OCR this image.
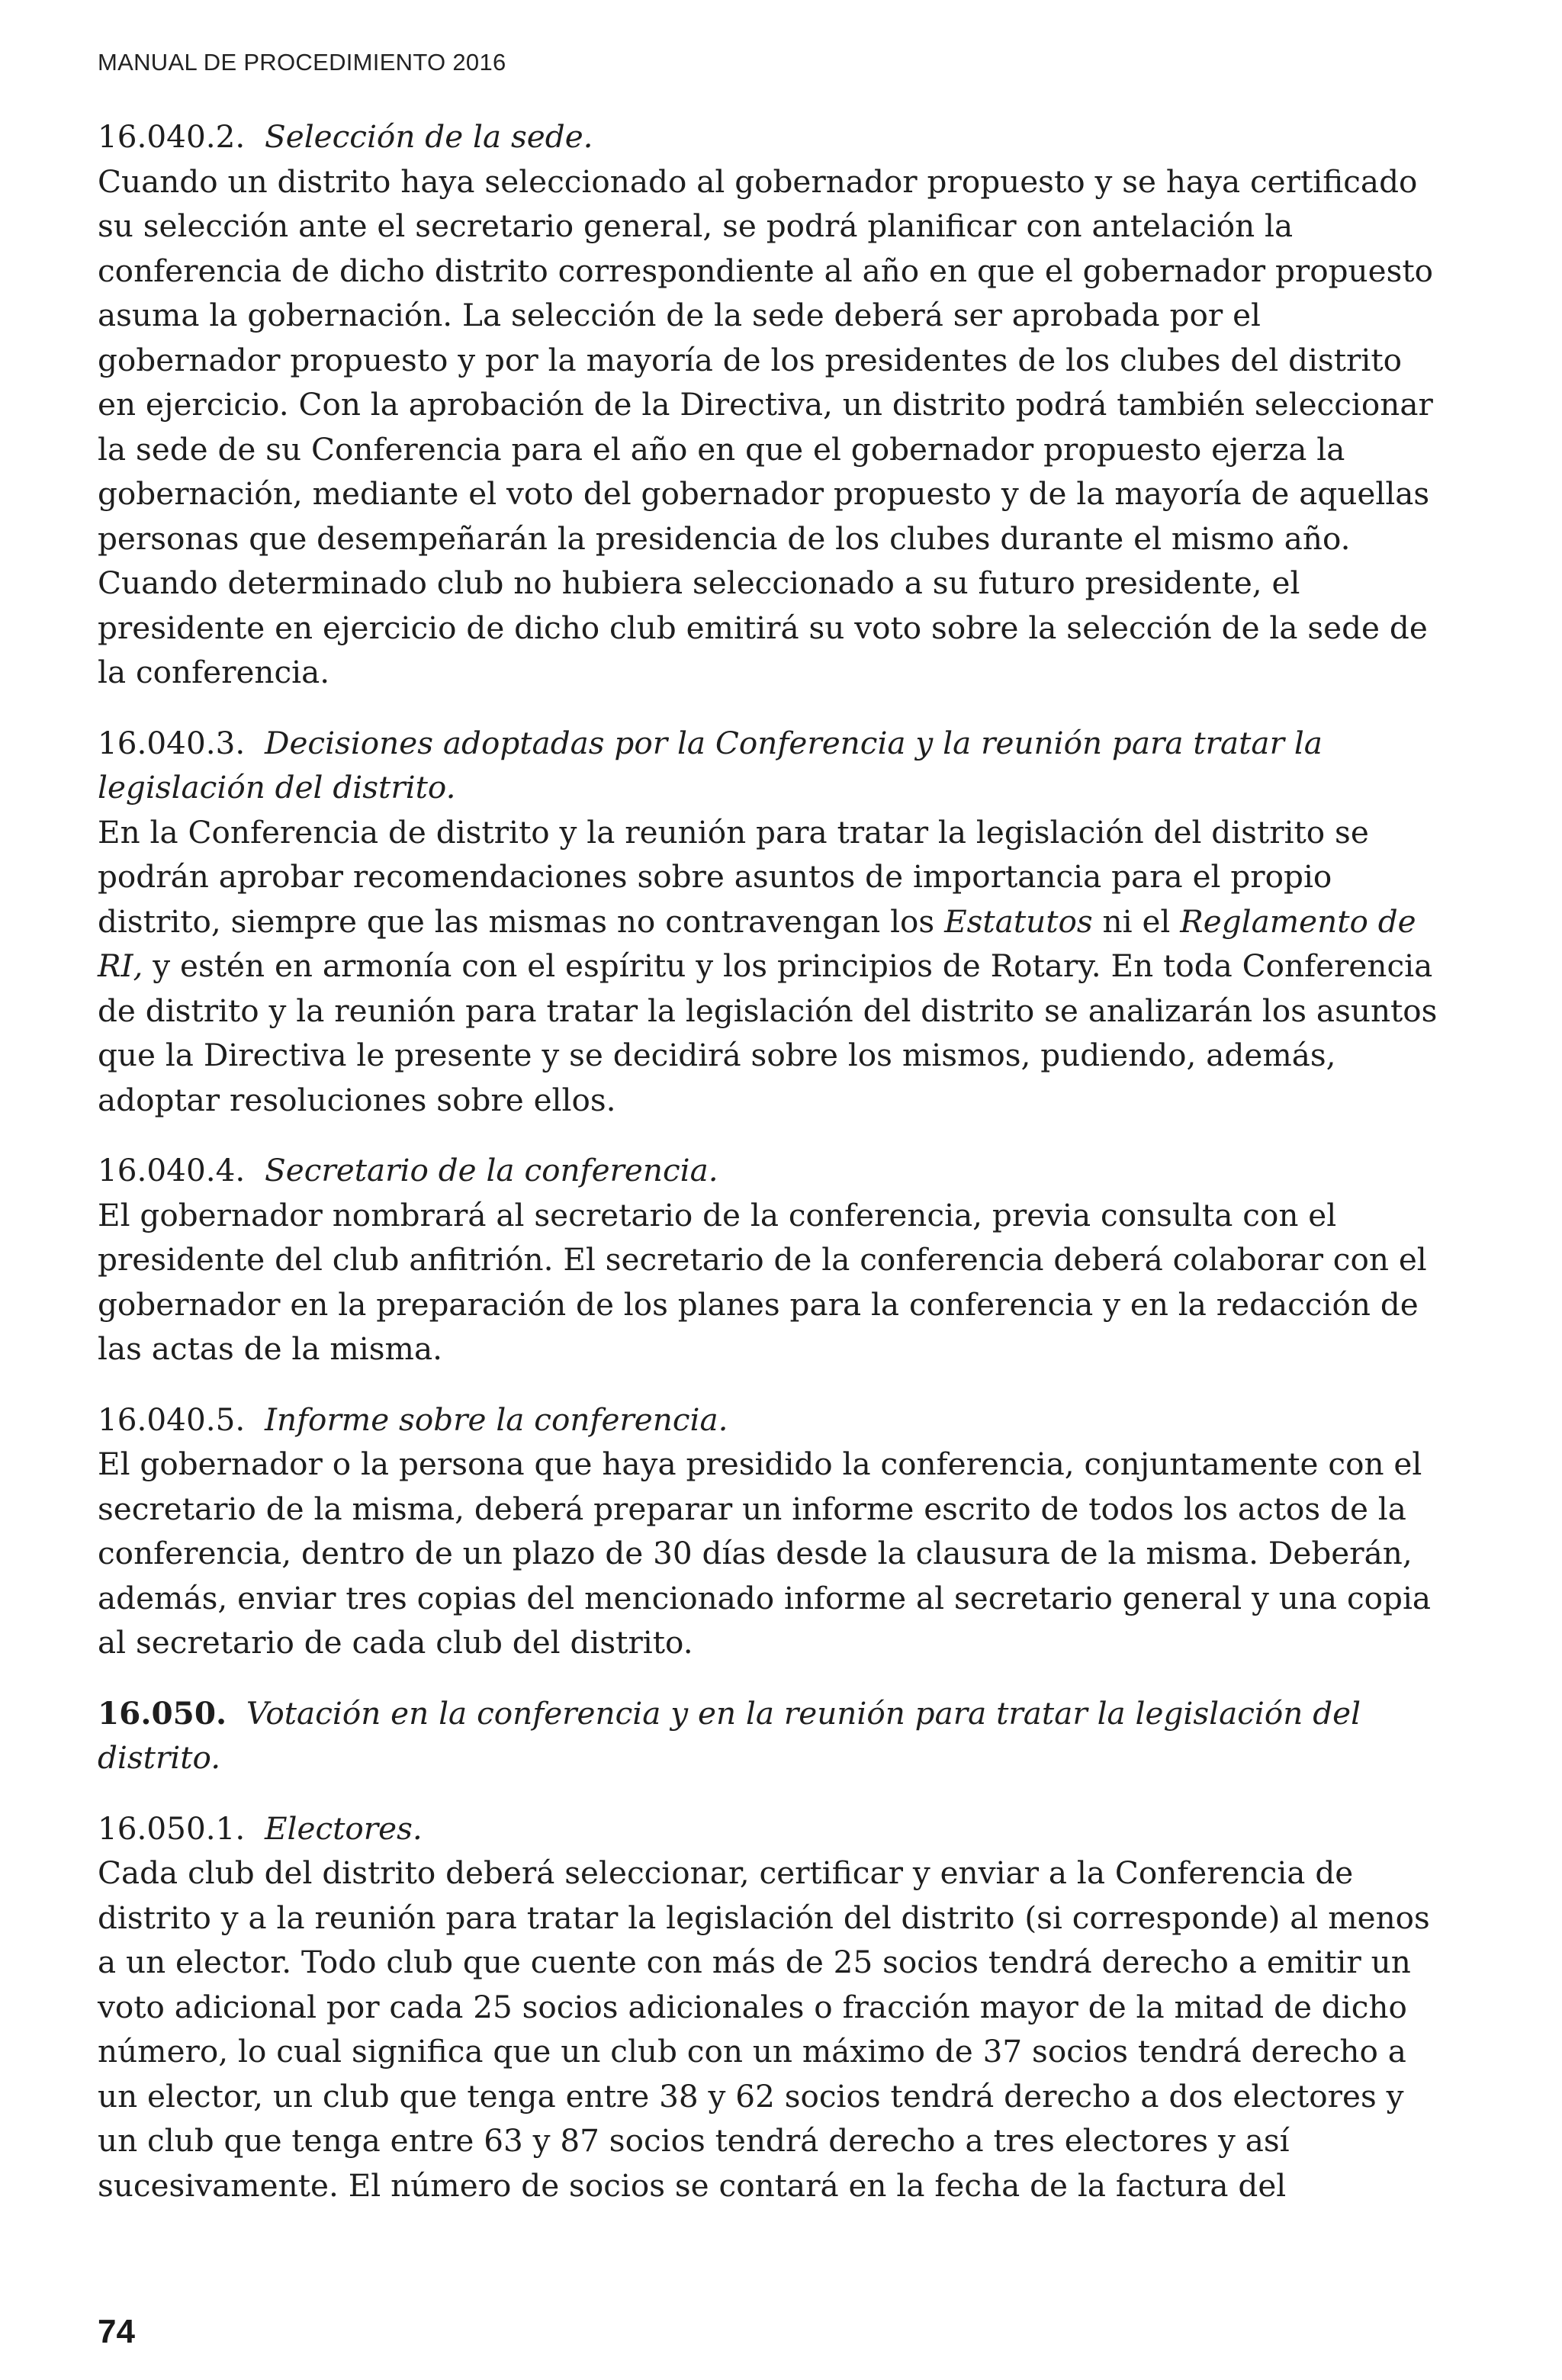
MANUAL DE PROCEDIMIENTO 2016
16.040.2. Selección de la sede.
Cuando un distrito haya seleccionado al gobernador propuesto y se haya certificado su selección ante el secretario general, se podrá planificar con antelación la conferencia de dicho distrito correspondiente al año en que el gobernador propuesto asuma la gobernación. La selección de la sede deberá ser aprobada por el gobernador propuesto y por la mayoría de los presidentes de los clubes del distrito en ejercicio. Con la aprobación de la Directiva, un distrito podrá también seleccionar la sede de su Conferencia para el año en que el gobernador propuesto ejerza la gobernación, mediante el voto del gobernador propuesto y de la mayoría de aquellas personas que desempeñarán la presidencia de los clubes durante el mismo año. Cuando determinado club no hubiera seleccionado a su futuro presidente, el presidente en ejercicio de dicho club emitirá su voto sobre la selección de la sede de la conferencia.
16.040.3. Decisiones adoptadas por la Conferencia y la reunión para tratar la legislación del distrito.
En la Conferencia de distrito y la reunión para tratar la legislación del distrito se podrán aprobar recomendaciones sobre asuntos de importancia para el propio distrito, siempre que las mismas no contravengan los Estatutos ni el Reglamento de RI, y estén en armonía con el espíritu y los principios de Rotary. En toda Conferencia de distrito y la reunión para tratar la legislación del distrito se analizarán los asuntos que la Directiva le presente y se decidirá sobre los mismos, pudiendo, además, adoptar resoluciones sobre ellos.
16.040.4. Secretario de la conferencia.
El gobernador nombrará al secretario de la conferencia, previa consulta con el presidente del club anfitrión. El secretario de la conferencia deberá colaborar con el gobernador en la preparación de los planes para la conferencia y en la redacción de las actas de la misma.
16.040.5. Informe sobre la conferencia.
El gobernador o la persona que haya presidido la conferencia, conjuntamente con el secretario de la misma, deberá preparar un informe escrito de todos los actos de la conferencia, dentro de un plazo de 30 días desde la clausura de la misma. Deberán, además, enviar tres copias del mencionado informe al secretario general y una copia al secretario de cada club del distrito.
16.050. Votación en la conferencia y en la reunión para tratar la legislación del distrito.
16.050.1. Electores.
Cada club del distrito deberá seleccionar, certificar y enviar a la Conferencia de distrito y a la reunión para tratar la legislación del distrito (si corresponde) al menos a un elector. Todo club que cuente con más de 25 socios tendrá derecho a emitir un voto adicional por cada 25 socios adicionales o fracción mayor de la mitad de dicho número, lo cual significa que un club con un máximo de 37 socios tendrá derecho a un elector, un club que tenga entre 38 y 62 socios tendrá derecho a dos electores y un club que tenga entre 63 y 87 socios tendrá derecho a tres electores y así sucesivamente. El número de socios se contará en la fecha de la factura del
74
